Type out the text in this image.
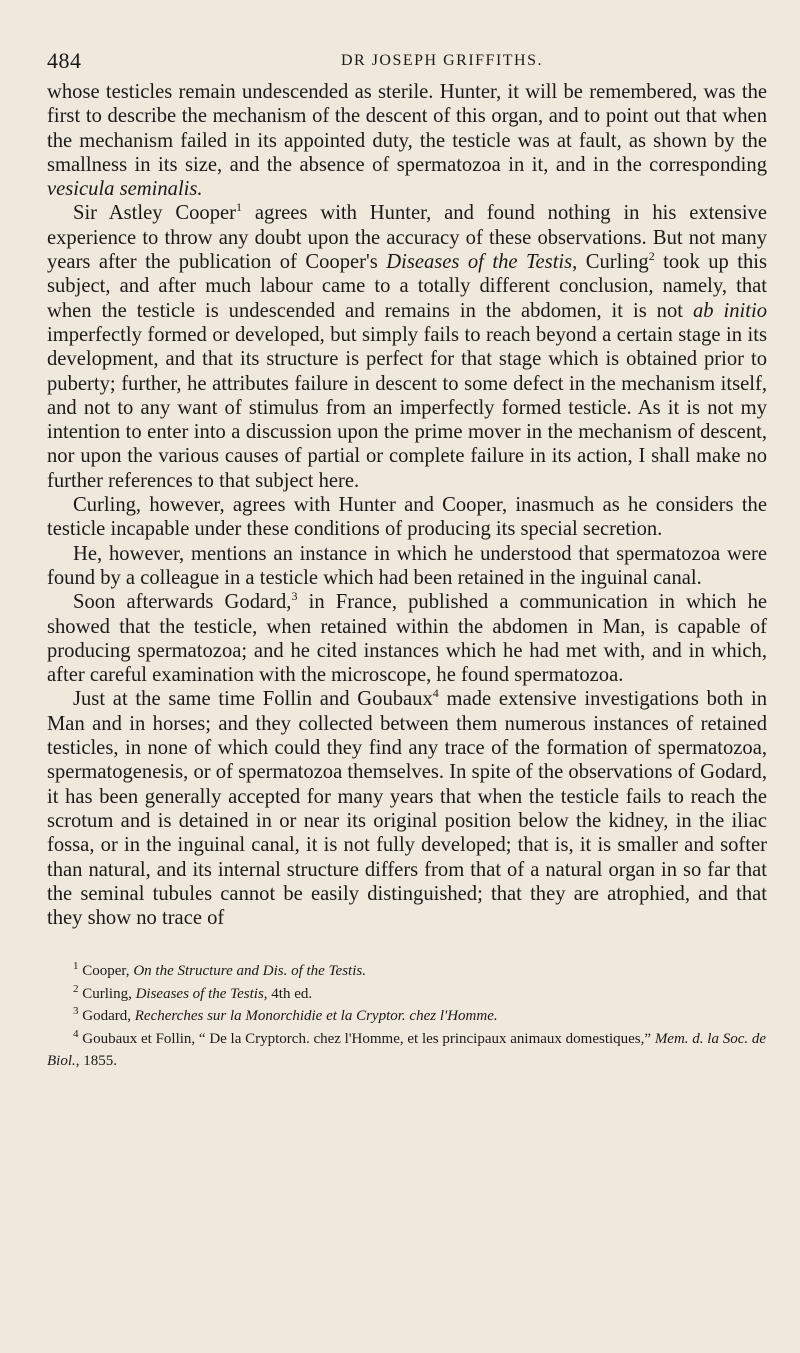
484	DR JOSEPH GRIFFITHS.

whose testicles remain undescended as sterile. Hunter, it will be remembered, was the first to describe the mechanism of the descent of this organ, and to point out that when the mechanism failed in its appointed duty, the testicle was at fault, as shown by the smallness in its size, and the absence of spermatozoa in it, and in the corresponding vesicula seminalis.

Sir Astley Cooper$^1$ agrees with Hunter, and found nothing in his extensive experience to throw any doubt upon the accuracy of these observations. But not many years after the publication of Cooper's Diseases of the Testis, Curling$^2$ took up this subject, and after much labour came to a totally different conclusion, namely, that when the testicle is undescended and remains in the abdomen, it is not ab initio imperfectly formed or developed, but simply fails to reach beyond a certain stage in its development, and that its structure is perfect for that stage which is obtained prior to puberty; further, he attributes failure in descent to some defect in the mechanism itself, and not to any want of stimulus from an imperfectly formed testicle. As it is not my intention to enter into a discussion upon the prime mover in the mechanism of descent, nor upon the various causes of partial or complete failure in its action, I shall make no further references to that subject here.

Curling, however, agrees with Hunter and Cooper, inasmuch as he considers the testicle incapable under these conditions of producing its special secretion.

He, however, mentions an instance in which he understood that spermatozoa were found by a colleague in a testicle which had been retained in the inguinal canal.

Soon afterwards Godard,$^3$ in France, published a communication in which he showed that the testicle, when retained within the abdomen in Man, is capable of producing spermatozoa; and he cited instances which he had met with, and in which, after careful examination with the microscope, he found spermatozoa.

Just at the same time Follin and Goubaux$^4$ made extensive investigations both in Man and in horses; and they collected between them numerous instances of retained testicles, in none of which could they find any trace of the formation of spermatozoa, spermatogenesis, or of spermatozoa themselves. In spite of the observations of Godard, it has been generally accepted for many years that when the testicle fails to reach the scrotum and is detained in or near its original position below the kidney, in the iliac fossa, or in the inguinal canal, it is not fully developed; that is, it is smaller and softer than natural, and its internal structure differs from that of a natural organ in so far that the seminal tubules cannot be easily distinguished; that they are atrophied, and that they show no trace of

$^1$ Cooper, On the Structure and Dis. of the Testis.
$^2$ Curling, Diseases of the Testis, 4th ed.
$^3$ Godard, Recherches sur la Monorchidie et la Cryptor. chez l'Homme.
$^4$ Goubaux et Follin, “ De la Cryptorch. chez l'Homme, et les principaux animaux domestiques,” Mem. d. la Soc. de Biol., 1855.
